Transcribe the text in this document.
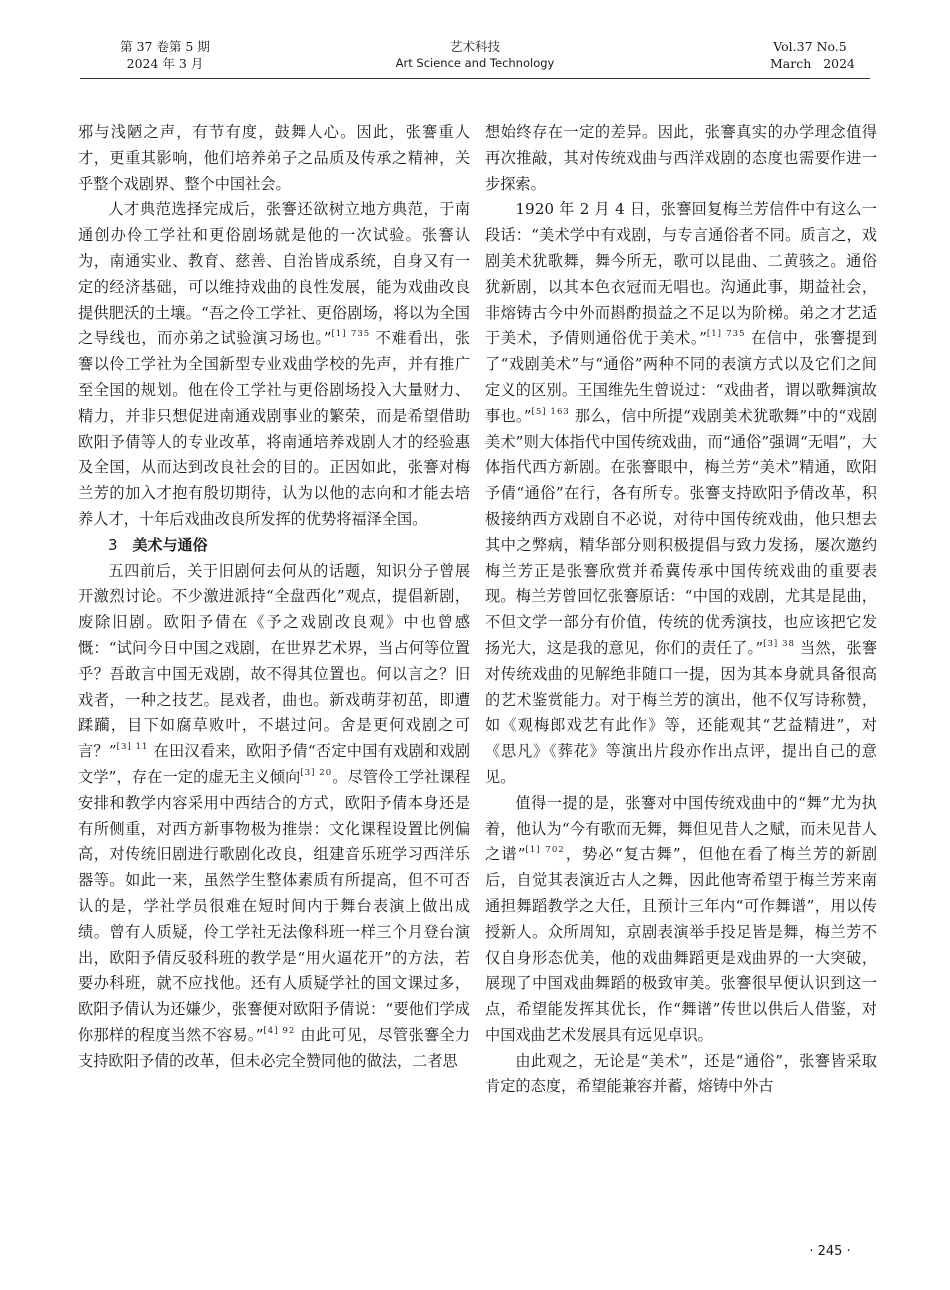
第 37 卷第 5 期
2024 年 3 月
艺术科技
Art Science and Technology
Vol.37 No.5
March   2024

邪与浅陋之声，有节有度，鼓舞人心。因此，张謇重人才，更重其影响，他们培养弟子之品质及传承之精神，关乎整个戏剧界、整个中国社会。

人才典范选择完成后，张謇还欲树立地方典范，于南通创办伶工学社和更俗剧场就是他的一次试验。张謇认为，南通实业、教育、慈善、自治皆成系统，自身又有一定的经济基础，可以维持戏曲的良性发展，能为戏曲改良提供肥沃的土壤。“吾之伶工学社、更俗剧场，将以为全国之导线也，而亦弟之试验演习场也。”$^{[1] 735}$ 不难看出，张謇以伶工学社为全国新型专业戏曲学校的先声，并有推广至全国的规划。他在伶工学社与更俗剧场投入大量财力、精力，并非只想促进南通戏剧事业的繁荣，而是希望借助欧阳予倩等人的专业改革，将南通培养戏剧人才的经验惠及全国，从而达到改良社会的目的。正因如此，张謇对梅兰芳的加入才抱有殷切期待，认为以他的志向和才能去培养人才，十年后戏曲改良所发挥的优势将福泽全国。

3 美术与通俗

五四前后，关于旧剧何去何从的话题，知识分子曾展开激烈讨论。不少激进派持“全盘西化”观点，提倡新剧，废除旧剧。欧阳予倩在《予之戏剧改良观》中也曾感慨：“试问今日中国之戏剧，在世界艺术界，当占何等位置乎？吾敢言中国无戏剧，故不得其位置也。何以言之？旧戏者，一种之技艺。昆戏者，曲也。新戏萌芽初茁，即遭蹂躏，目下如腐草败叶，不堪过问。舍是更何戏剧之可言？”$^{[3] 11}$ 在田汉看来，欧阳予倩“否定中国有戏剧和戏剧文学”，存在一定的虚无主义倾向$^{[3] 20}$。尽管伶工学社课程安排和教学内容采用中西结合的方式，欧阳予倩本身还是有所侧重，对西方新事物极为推崇：文化课程设置比例偏高，对传统旧剧进行歌剧化改良，组建音乐班学习西洋乐器等。如此一来，虽然学生整体素质有所提高，但不可否认的是，学社学员很难在短时间内于舞台表演上做出成绩。曾有人质疑，伶工学社无法像科班一样三个月登台演出，欧阳予倩反驳科班的教学是“用火逼花开”的方法，若要办科班，就不应找他。还有人质疑学社的国文课过多，欧阳予倩认为还嫌少，张謇便对欧阳予倩说：“要他们学成你那样的程度当然不容易。”$^{[4] 92}$ 由此可见，尽管张謇全力支持欧阳予倩的改革，但未必完全赞同他的做法，二者思

想始终存在一定的差异。因此，张謇真实的办学理念值得再次推敲，其对传统戏曲与西洋戏剧的态度也需要作进一步探索。

1920 年 2 月 4 日，张謇回复梅兰芳信件中有这么一段话：“美术学中有戏剧，与专言通俗者不同。质言之，戏剧美术犹歌舞，舞今所无，歌可以昆曲、二黄骇之。通俗犹新剧，以其本色衣冠而无唱也。沟通此事，期益社会，非熔铸古今中外而斟酌损益之不足以为阶梯。弟之才艺适于美术，予倩则通俗优于美术。”$^{[1] 735}$ 在信中，张謇提到了“戏剧美术”与“通俗”两种不同的表演方式以及它们之间定义的区别。王国维先生曾说过：“戏曲者，谓以歌舞演故事也。”$^{[5] 163}$ 那么，信中所提“戏剧美术犹歌舞”中的“戏剧美术”则大体指代中国传统戏曲，而“通俗”强调“无唱”，大体指代西方新剧。在张謇眼中，梅兰芳“美术”精通，欧阳予倩“通俗”在行，各有所专。张謇支持欧阳予倩改革，积极接纳西方戏剧自不必说，对待中国传统戏曲，他只想去其中之弊病，精华部分则积极提倡与致力发扬，屡次邀约梅兰芳正是张謇欣赏并希冀传承中国传统戏曲的重要表现。梅兰芳曾回忆张謇原话：“中国的戏剧，尤其是昆曲，不但文学一部分有价值，传统的优秀演技，也应该把它发扬光大，这是我的意见，你们的责任了。”$^{[3] 38}$ 当然，张謇对传统戏曲的见解绝非随口一提，因为其本身就具备很高的艺术鉴赏能力。对于梅兰芳的演出，他不仅写诗称赞，如《观梅郎戏艺有此作》等，还能观其“艺益精进”，对《思凡》《葬花》等演出片段亦作出点评，提出自己的意见。

值得一提的是，张謇对中国传统戏曲中的“舞”尤为执着，他认为“今有歌而无舞，舞但见昔人之赋，而未见昔人之谱”$^{[1] 702}$，势必“复古舞”，但他在看了梅兰芳的新剧后，自觉其表演近古人之舞，因此他寄希望于梅兰芳来南通担舞蹈教学之大任，且预计三年内“可作舞谱”，用以传授新人。众所周知，京剧表演举手投足皆是舞，梅兰芳不仅自身形态优美，他的戏曲舞蹈更是戏曲界的一大突破，展现了中国戏曲舞蹈的极致审美。张謇很早便认识到这一点，希望能发挥其优长，作“舞谱”传世以供后人借鉴，对中国戏曲艺术发展具有远见卓识。

由此观之，无论是“美术”，还是“通俗”，张謇皆采取肯定的态度，希望能兼容并蓄，熔铸中外古

· 245 ·
